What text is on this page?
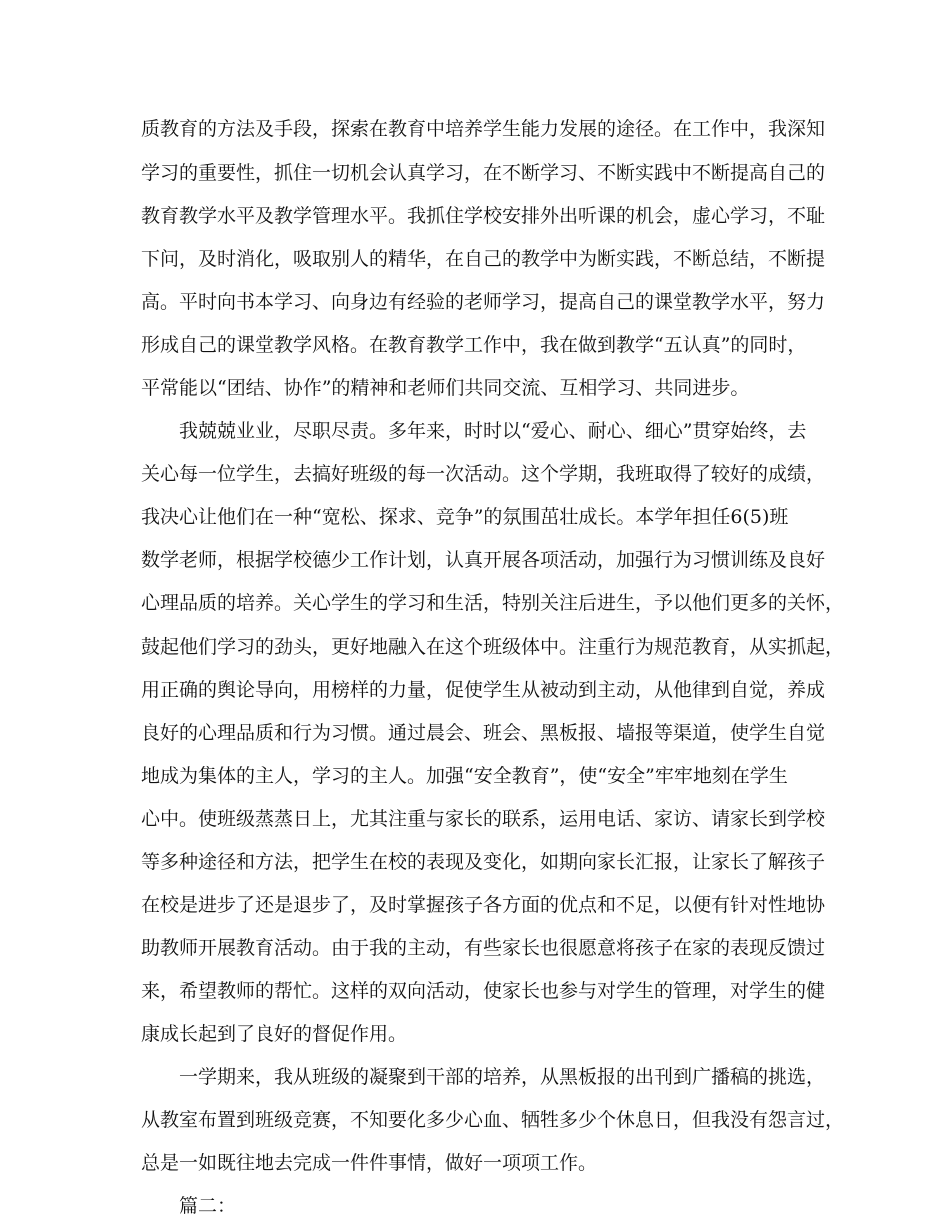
质教育的方法及手段，探索在教育中培养学生能力发展的途径。在工作中，我深知
学习的重要性，抓住一切机会认真学习，在不断学习、不断实践中不断提高自己的
教育教学水平及教学管理水平。我抓住学校安排外出听课的机会，虚心学习，不耻
下问，及时消化，吸取别人的精华，在自己的教学中为断实践，不断总结，不断提
高。平时向书本学习、向身边有经验的老师学习，提高自己的课堂教学水平，努力
形成自己的课堂教学风格。在教育教学工作中，我在做到教学“五认真”的同时，
平常能以“团结、协作”的精神和老师们共同交流、互相学习、共同进步。
我兢兢业业，尽职尽责。多年来，时时以“爱心、耐心、细心”贯穿始终，去
关心每一位学生，去搞好班级的每一次活动。这个学期，我班取得了较好的成绩，
我决心让他们在一种“宽松、探求、竞争”的氛围茁壮成长。本学年担任6(5)班
数学老师，根据学校德少工作计划，认真开展各项活动，加强行为习惯训练及良好
心理品质的培养。关心学生的学习和生活，特别关注后进生，予以他们更多的关怀，
鼓起他们学习的劲头，更好地融入在这个班级体中。注重行为规范教育，从实抓起，
用正确的舆论导向，用榜样的力量，促使学生从被动到主动，从他律到自觉，养成
良好的心理品质和行为习惯。通过晨会、班会、黑板报、墙报等渠道，使学生自觉
地成为集体的主人，学习的主人。加强“安全教育”，使“安全”牢牢地刻在学生
心中。使班级蒸蒸日上，尤其注重与家长的联系，运用电话、家访、请家长到学校
等多种途径和方法，把学生在校的表现及变化，如期向家长汇报，让家长了解孩子
在校是进步了还是退步了，及时掌握孩子各方面的优点和不足，以便有针对性地协
助教师开展教育活动。由于我的主动，有些家长也很愿意将孩子在家的表现反馈过
来，希望教师的帮忙。这样的双向活动，使家长也参与对学生的管理，对学生的健
康成长起到了良好的督促作用。
一学期来，我从班级的凝聚到干部的培养，从黑板报的出刊到广播稿的挑选，
从教室布置到班级竞赛，不知要化多少心血、牺牲多少个休息日，但我没有怨言过，
总是一如既往地去完成一件件事情，做好一项项工作。
篇二：
